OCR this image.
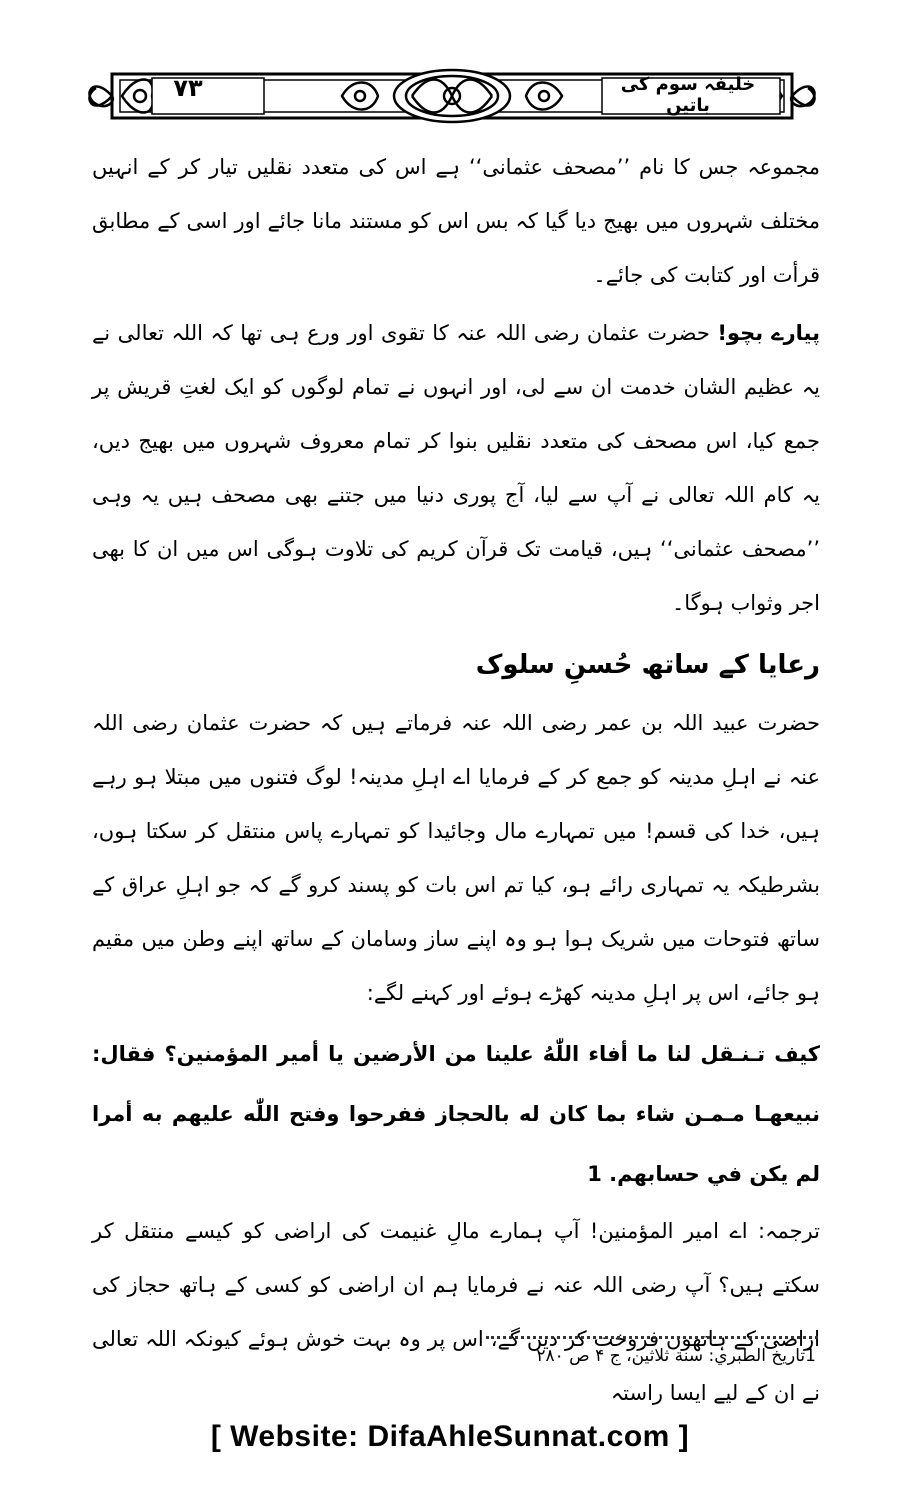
۷۳	خلیفہ سوم کی باتیں

مجموعہ جس کا نام ’’مصحف عثمانی‘‘ ہے اس کی متعدد نقلیں تیار کر کے انہیں مختلف شہروں میں بھیج دیا گیا کہ بس اس کو مستند مانا جائے اور اسی کے مطابق قرأت اور کتابت کی جائے۔

پیارے بچو! حضرت عثمان رضی اللہ عنہ کا تقوی اور ورع ہی تھا کہ اللہ تعالی نے یہ عظیم الشان خدمت ان سے لی، اور انہوں نے تمام لوگوں کو ایک لغتِ قریش پر جمع کیا، اس مصحف کی متعدد نقلیں بنوا کر تمام معروف شہروں میں بھیج دیں، یہ کام اللہ تعالی نے آپ سے لیا، آج پوری دنیا میں جتنے بھی مصحف ہیں یہ وہی ’’مصحف عثمانی‘‘ ہیں، قیامت تک قرآن کریم کی تلاوت ہوگی اس میں ان کا بھی اجر وثواب ہوگا۔

رعایا کے ساتھ حُسنِ سلوک

حضرت عبید اللہ بن عمر رضی اللہ عنہ فرماتے ہیں کہ حضرت عثمان رضی اللہ عنہ نے اہلِ مدینہ کو جمع کر کے فرمایا اے اہلِ مدینہ! لوگ فتنوں میں مبتلا ہو رہے ہیں، خدا کی قسم! میں تمہارے مال وجائیدا کو تمہارے پاس منتقل کر سکتا ہوں، بشرطیکہ یہ تمہاری رائے ہو، کیا تم اس بات کو پسند کرو گے کہ جو اہلِ عراق کے ساتھ فتوحات میں شریک ہوا ہو وہ اپنے ساز وسامان کے ساتھ اپنے وطن میں مقیم ہو جائے، اس پر اہلِ مدینہ کھڑے ہوئے اور کہنے لگے:

كيف تـنـقل لنا ما أفاء اللّٰهُ علينا من الأرضين يا أمير المؤمنين؟ فقال: نبيعهـا مـمـن شاء بما كان له بالحجاز ففرحوا وفتح اللّٰه عليهم به أمرا لم يكن في حسابهم. 1

ترجمہ: اے امیر المؤمنین! آپ ہمارے مالِ غنیمت کی اراضی کو کیسے منتقل کر سکتے ہیں؟ آپ رضی اللہ عنہ نے فرمایا ہم ان اراضی کو کسی کے ہاتھ حجاز کی اراضی کے ہاتھوں فروخت کر دیں گے، اس پر وہ بہت خوش ہوئے کیونکہ اللہ تعالی نے ان کے لیے ایسا راستہ

1تاريخ الطبري: سنة ثلاثين، ج ۴ ص ۲۸۰
[ Website: DifaAhleSunnat.com ]
